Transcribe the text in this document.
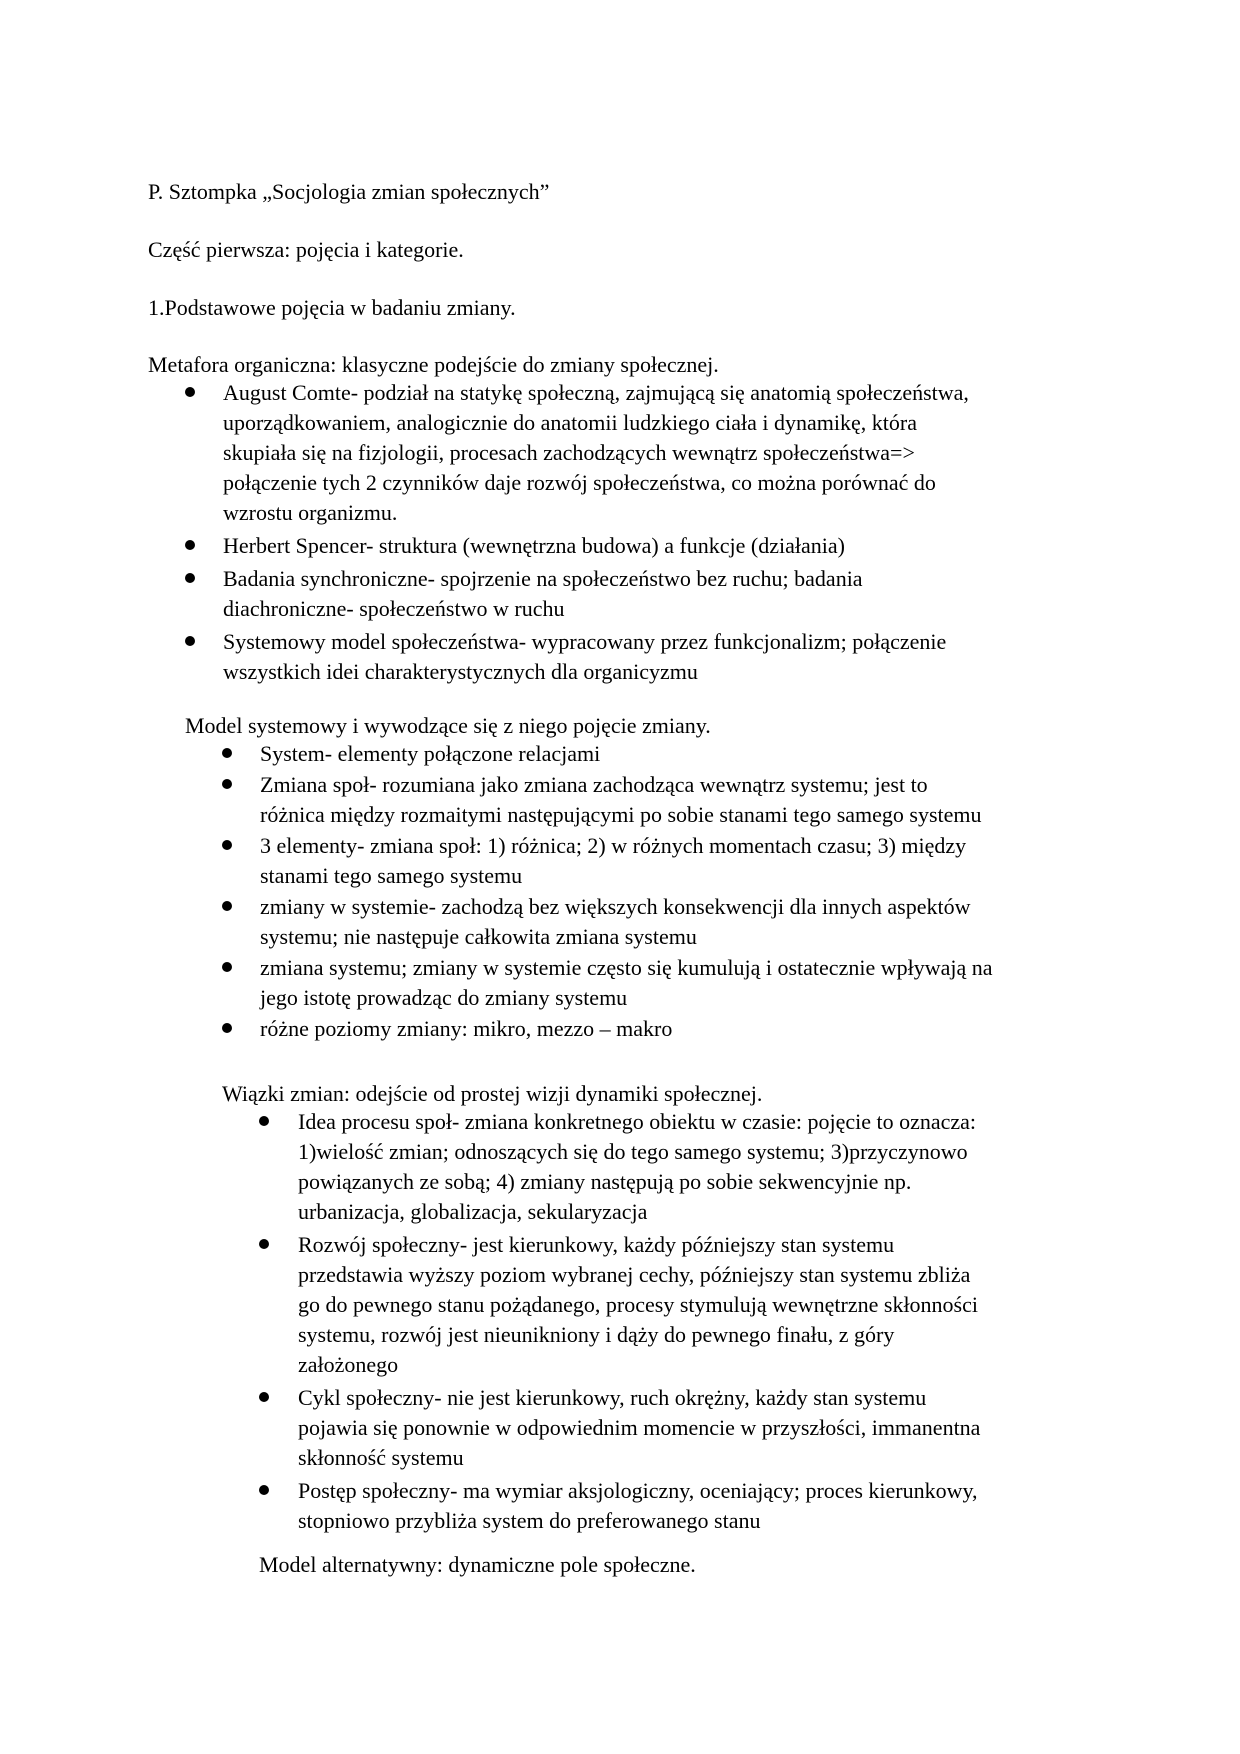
P. Sztompka „Socjologia zmian społecznych”
Część pierwsza: pojęcia i kategorie.
1.Podstawowe pojęcia w badaniu zmiany.
Metafora organiczna: klasyczne podejście do zmiany społecznej.
August Comte- podział na statykę społeczną, zajmującą się anatomią społeczeństwa,
uporządkowaniem, analogicznie do anatomii ludzkiego ciała i dynamikę, która
skupiała się na fizjologii, procesach zachodzących wewnątrz społeczeństwa=>
połączenie tych 2 czynników daje rozwój społeczeństwa, co można porównać do
wzrostu organizmu.
Herbert Spencer- struktura (wewnętrzna budowa) a funkcje (działania)
Badania synchroniczne- spojrzenie na społeczeństwo bez ruchu; badania
diachroniczne- społeczeństwo w ruchu
Systemowy model społeczeństwa- wypracowany przez funkcjonalizm; połączenie
wszystkich idei charakterystycznych dla organicyzmu
Model systemowy i wywodzące się z niego pojęcie zmiany.
System- elementy połączone relacjami
Zmiana społ- rozumiana jako zmiana zachodząca wewnątrz systemu; jest to
różnica między rozmaitymi następującymi po sobie stanami tego samego systemu
3 elementy- zmiana społ: 1) różnica; 2) w różnych momentach czasu; 3) między
stanami tego samego systemu
zmiany w systemie- zachodzą bez większych konsekwencji dla innych aspektów
systemu; nie następuje całkowita zmiana systemu
zmiana systemu; zmiany w systemie często się kumulują i ostatecznie wpływają na
jego istotę prowadząc do zmiany systemu
różne poziomy zmiany: mikro, mezzo – makro
Wiązki zmian: odejście od prostej wizji dynamiki społecznej.
Idea procesu społ- zmiana konkretnego obiektu w czasie: pojęcie to oznacza:
1)wielość zmian; odnoszących się do tego samego systemu; 3)przyczynowo
powiązanych ze sobą; 4) zmiany następują po sobie sekwencyjnie np.
urbanizacja, globalizacja, sekularyzacja
Rozwój społeczny- jest kierunkowy, każdy późniejszy stan systemu
przedstawia wyższy poziom wybranej cechy, późniejszy stan systemu zbliża
go do pewnego stanu pożądanego, procesy stymulują wewnętrzne skłonności
systemu, rozwój jest nieunikniony i dąży do pewnego finału, z góry
założonego
Cykl społeczny- nie jest kierunkowy, ruch okrężny, każdy stan systemu
pojawia się ponownie w odpowiednim momencie w przyszłości, immanentna
skłonność systemu
Postęp społeczny- ma wymiar aksjologiczny, oceniający; proces kierunkowy,
stopniowo przybliża system do preferowanego stanu
Model alternatywny: dynamiczne pole społeczne.
